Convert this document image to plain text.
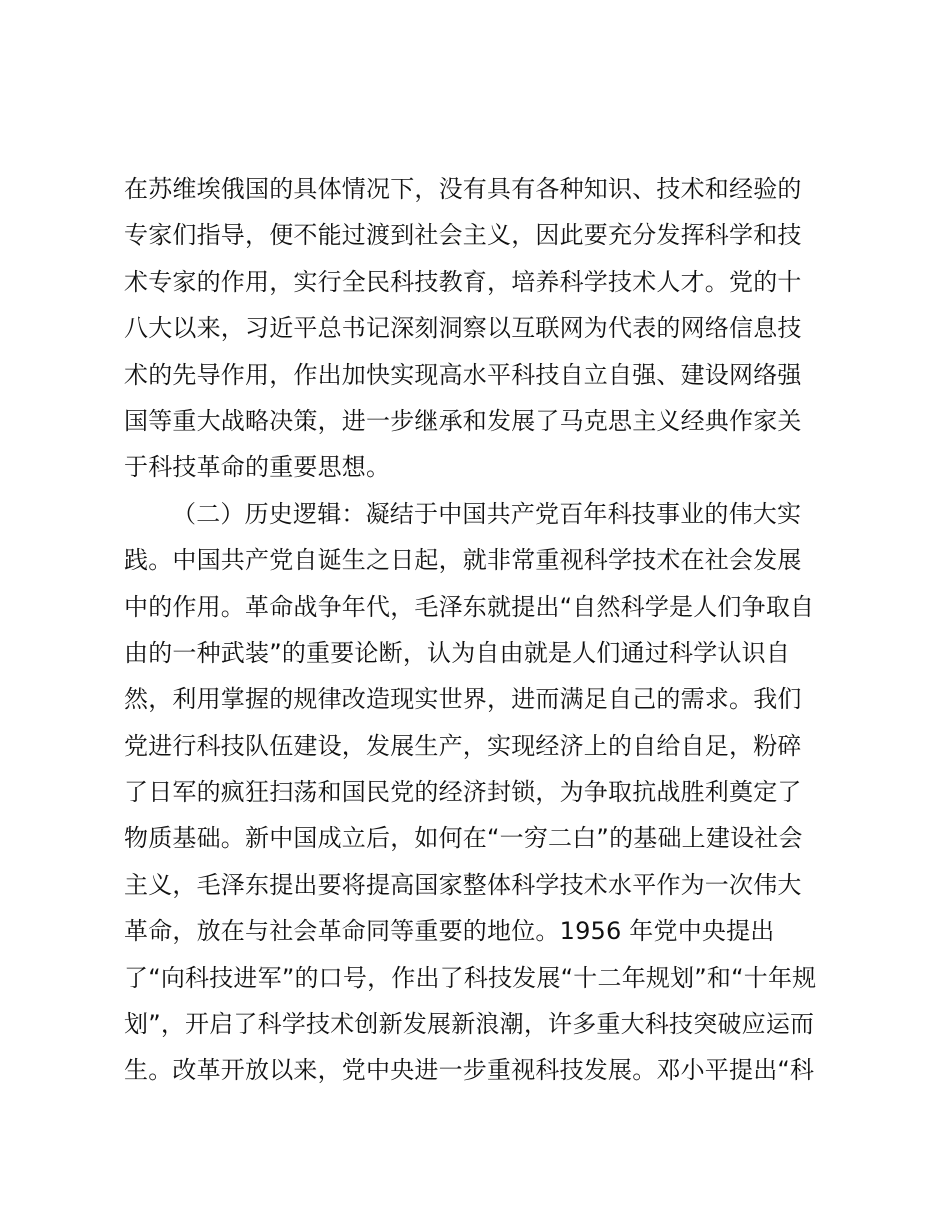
在苏维埃俄国的具体情况下，没有具有各种知识、技术和经验的
专家们指导，便不能过渡到社会主义，因此要充分发挥科学和技
术专家的作用，实行全民科技教育，培养科学技术人才。党的十
八大以来，习近平总书记深刻洞察以互联网为代表的网络信息技
术的先导作用，作出加快实现高水平科技自立自强、建设网络强
国等重大战略决策，进一步继承和发展了马克思主义经典作家关
于科技革命的重要思想。
（二）历史逻辑：凝结于中国共产党百年科技事业的伟大实
践。中国共产党自诞生之日起，就非常重视科学技术在社会发展
中的作用。革命战争年代，毛泽东就提出“自然科学是人们争取自
由的一种武装”的重要论断，认为自由就是人们通过科学认识自
然，利用掌握的规律改造现实世界，进而满足自己的需求。我们
党进行科技队伍建设，发展生产，实现经济上的自给自足，粉碎
了日军的疯狂扫荡和国民党的经济封锁，为争取抗战胜利奠定了
物质基础。新中国成立后，如何在“一穷二白”的基础上建设社会
主义，毛泽东提出要将提高国家整体科学技术水平作为一次伟大
革命，放在与社会革命同等重要的地位。1956 年党中央提出
了“向科技进军”的口号，作出了科技发展“十二年规划”和“十年规
划”，开启了科学技术创新发展新浪潮，许多重大科技突破应运而
生。改革开放以来，党中央进一步重视科技发展。邓小平提出“科
